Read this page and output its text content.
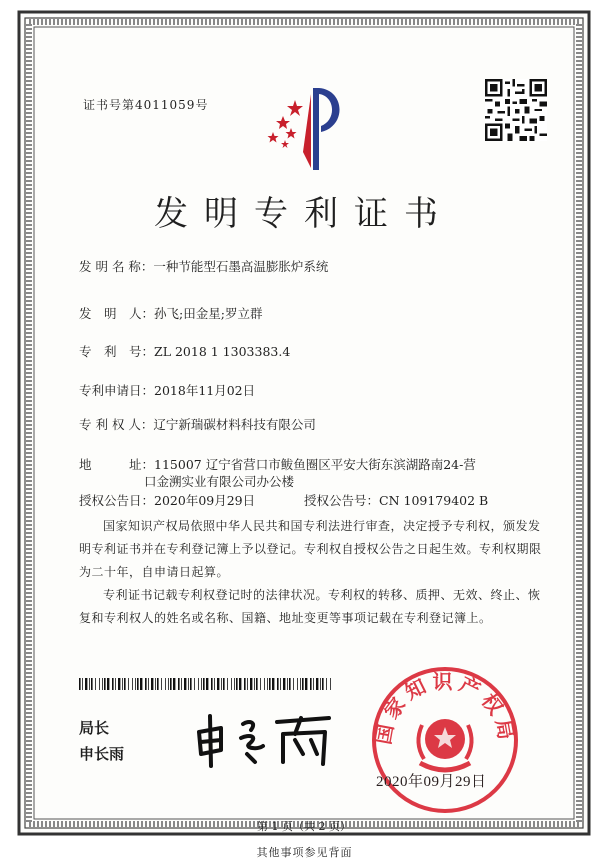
证书号第4011059号
发明专利证书
发 明 名 称：一种节能型石墨高温膨胀炉系统
发　明　人：孙飞;田金星;罗立群
专　利　号：ZL 2018 1 1303383.4
专利申请日：2018年11月02日
专 利 权 人：辽宁新瑞碳材料科技有限公司
地　　　址：115007 辽宁省营口市鲅鱼圈区平安大街东滨湖路南24-营
口金溯实业有限公司办公楼
授权公告日：2020年09月29日	授权公告号：CN 109179402 B
国家知识产权局依照中华人民共和国专利法进行审查，决定授予专利权，颁发发明专利证书并在专利登记簿上予以登记。专利权自授权公告之日起生效。专利权期限为二十年，自申请日起算。
专利证书记载专利权登记时的法律状况。专利权的转移、质押、无效、终止、恢复和专利权人的姓名或名称、国籍、地址变更等事项记载在专利登记簿上。
局长
申长雨
国家知识产权局
2020年09月29日
第 1 页（共 2 页）
其他事项参见背面
